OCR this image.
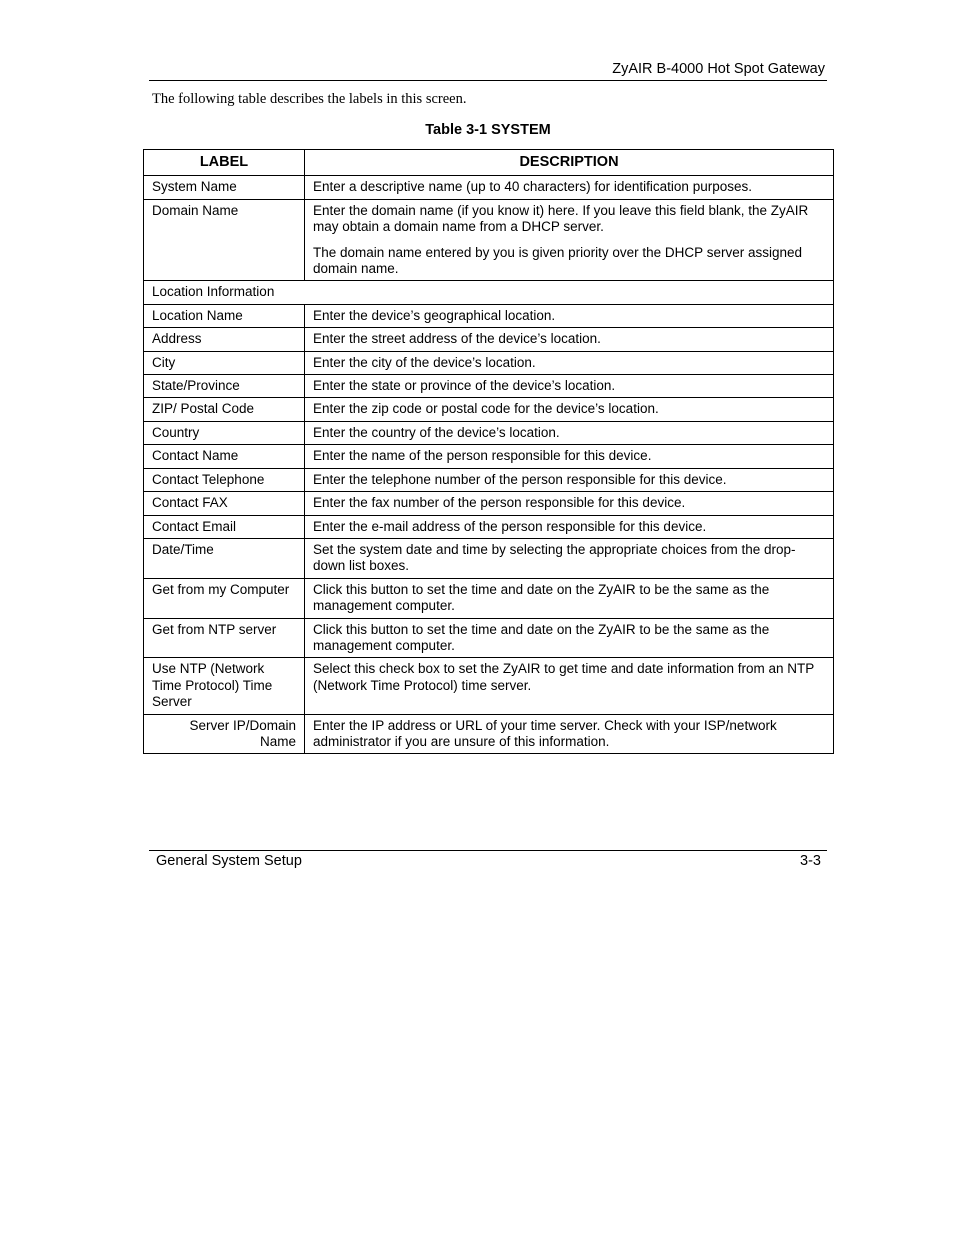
ZyAIR B-4000 Hot Spot Gateway
The following table describes the labels in this screen.
Table 3-1 SYSTEM
LABEL	DESCRIPTION
System Name	Enter a descriptive name (up to 40 characters) for identification purposes.

Domain Name	Enter the domain name (if you know it) here. If you leave this field blank, the ZyAIR may obtain a domain name from a DHCP server.

The domain name entered by you is given priority over the DHCP server assigned domain name.

Location Information	
Location Name	Enter the device’s geographical location.

Address	Enter the street address of the device’s location.

City	Enter the city of the device’s location.

State/Province	Enter the state or province of the device’s location.

ZIP/ Postal Code	Enter the zip code or postal code for the device’s location.

Country	Enter the country of the device’s location.

Contact Name	Enter the name of the person responsible for this device.

Contact Telephone	Enter the telephone number of the person responsible for this device.

Contact FAX	Enter the fax number of the person responsible for this device.

Contact Email	Enter the e-mail address of the person responsible for this device.

Date/Time	Set the system date and time by selecting the appropriate choices from the drop-down list boxes.

Get from my Computer	Click this button to set the time and date on the ZyAIR to be the same as the management computer.

Get from NTP server	Click this button to set the time and date on the ZyAIR to be the same as the management computer.

Use NTP (Network Time Protocol) Time Server	Select this check box to set the ZyAIR to get time and date information from an NTP (Network Time Protocol) time server.

Server IP/Domain Name	Enter the IP address or URL of your time server. Check with your ISP/network administrator if you are unsure of this information.

General System Setup	3-3
